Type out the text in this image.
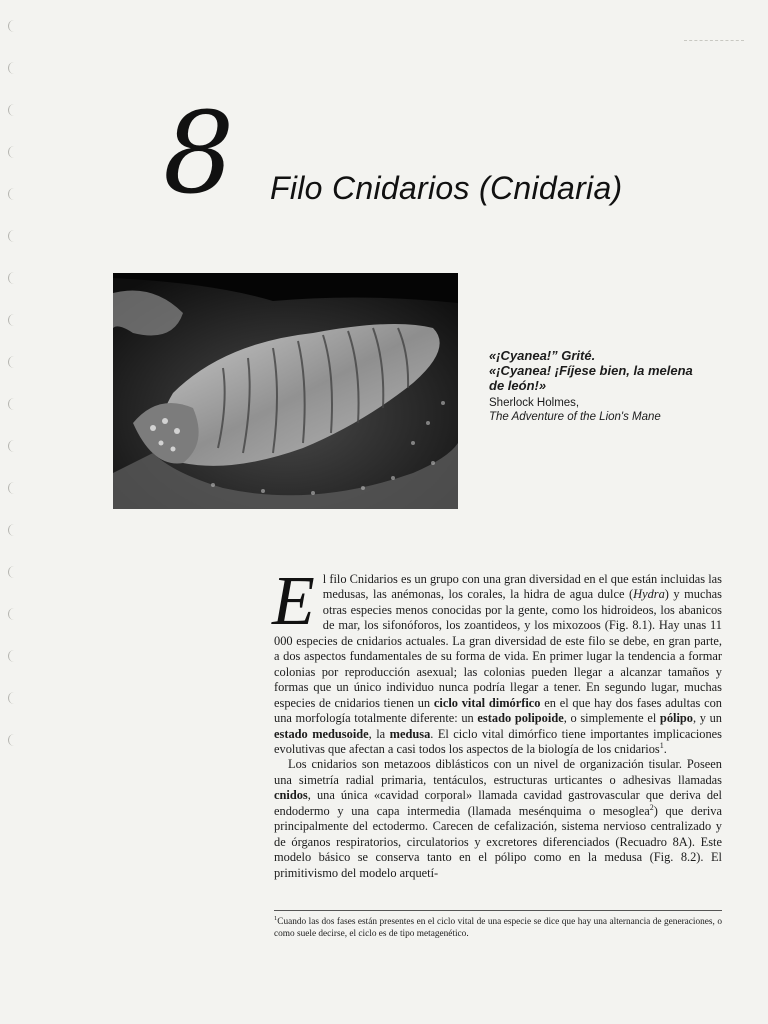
8 Filo Cnidarios (Cnidaria)

«¡Cyanea!” Grité.

«¡Cyanea! ¡Fíjese bien, la melena

de león!»

Sherlock Holmes,

The Adventure of the Lion's Mane

El filo Cnidarios es un grupo con una gran diversidad en el que están incluidas las medusas, las anémonas, los corales, la hidra de agua dulce (Hydra) y muchas otras especies menos conocidas por la gente, como los hidroideos, los abanicos de mar, los sifonóforos, los zoantideos, y los mixozoos (Fig. 8.1). Hay unas 11 000 especies de cnidarios actuales. La gran diversidad de este filo se debe, en gran parte, a dos aspectos fundamentales de su forma de vida. En primer lugar la tendencia a formar colonias por reproducción asexual; las colonias pueden llegar a alcanzar tamaños y formas que un único individuo nunca podría llegar a tener. En segundo lugar, muchas especies de cnidarios tienen un ciclo vital dimórfico en el que hay dos fases adultas con una morfología totalmente diferente: un estado polipoide, o simplemente el pólipo, y un estado medusoide, la medusa. El ciclo vital dimórfico tiene importantes implicaciones evolutivas que afectan a casi todos los aspectos de la biología de los cnidarios$^1$.

Los cnidarios son metazoos diblásticos con un nivel de organización tisular. Poseen una simetría radial primaria, tentáculos, estructuras urticantes o adhesivas llamadas cnidos, una única «cavidad corporal» llamada cavidad gastrovascular que deriva del endodermo y una capa intermedia (llamada mesénquima o mesoglea$^2$) que deriva principalmente del ectodermo. Carecen de cefalización, sistema nervioso centralizado y de órganos respiratorios, circulatorios y excretores diferenciados (Recuadro 8A). Este modelo básico se conserva tanto en el pólipo como en la medusa (Fig. 8.2). El primitivismo del modelo arquetí-

$^1$Cuando las dos fases están presentes en el ciclo vital de una especie se dice que hay una alternancia de generaciones, o como suele decirse, el ciclo es de tipo metagenético.
